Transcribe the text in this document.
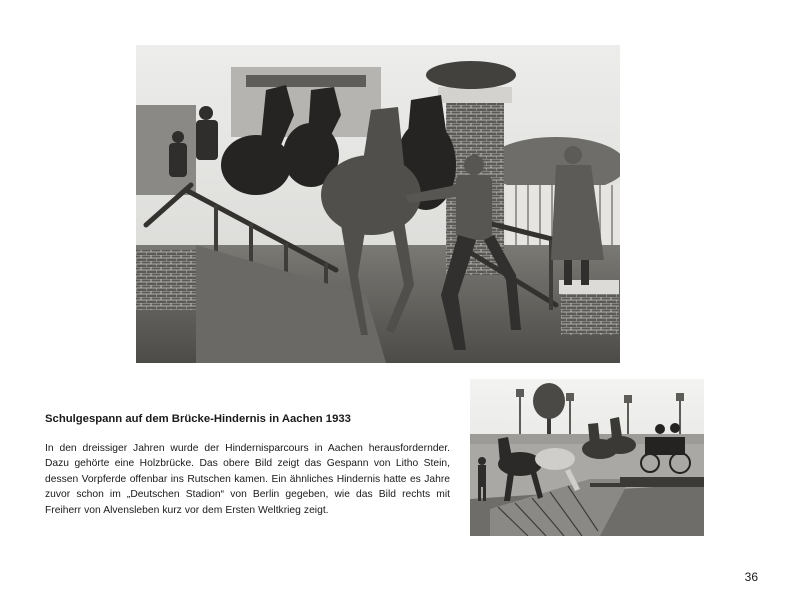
Schulgespann auf dem Brücke-Hindernis in Aachen 1933

In den dreissiger Jahren wurde der Hindernisparcours in Aachen herausfordernder. Dazu gehörte eine Holzbrücke. Das obere Bild zeigt das Gespann von Litho Stein, dessen Vorpferde offenbar ins Rutschen kamen. Ein ähnliches Hindernis hatte es Jahre zuvor schon im „Deutschen Stadion“ von Berlin gegeben, wie das Bild rechts mit Freiherr von Alvensleben kurz vor dem Ersten Weltkrieg zeigt.

36
